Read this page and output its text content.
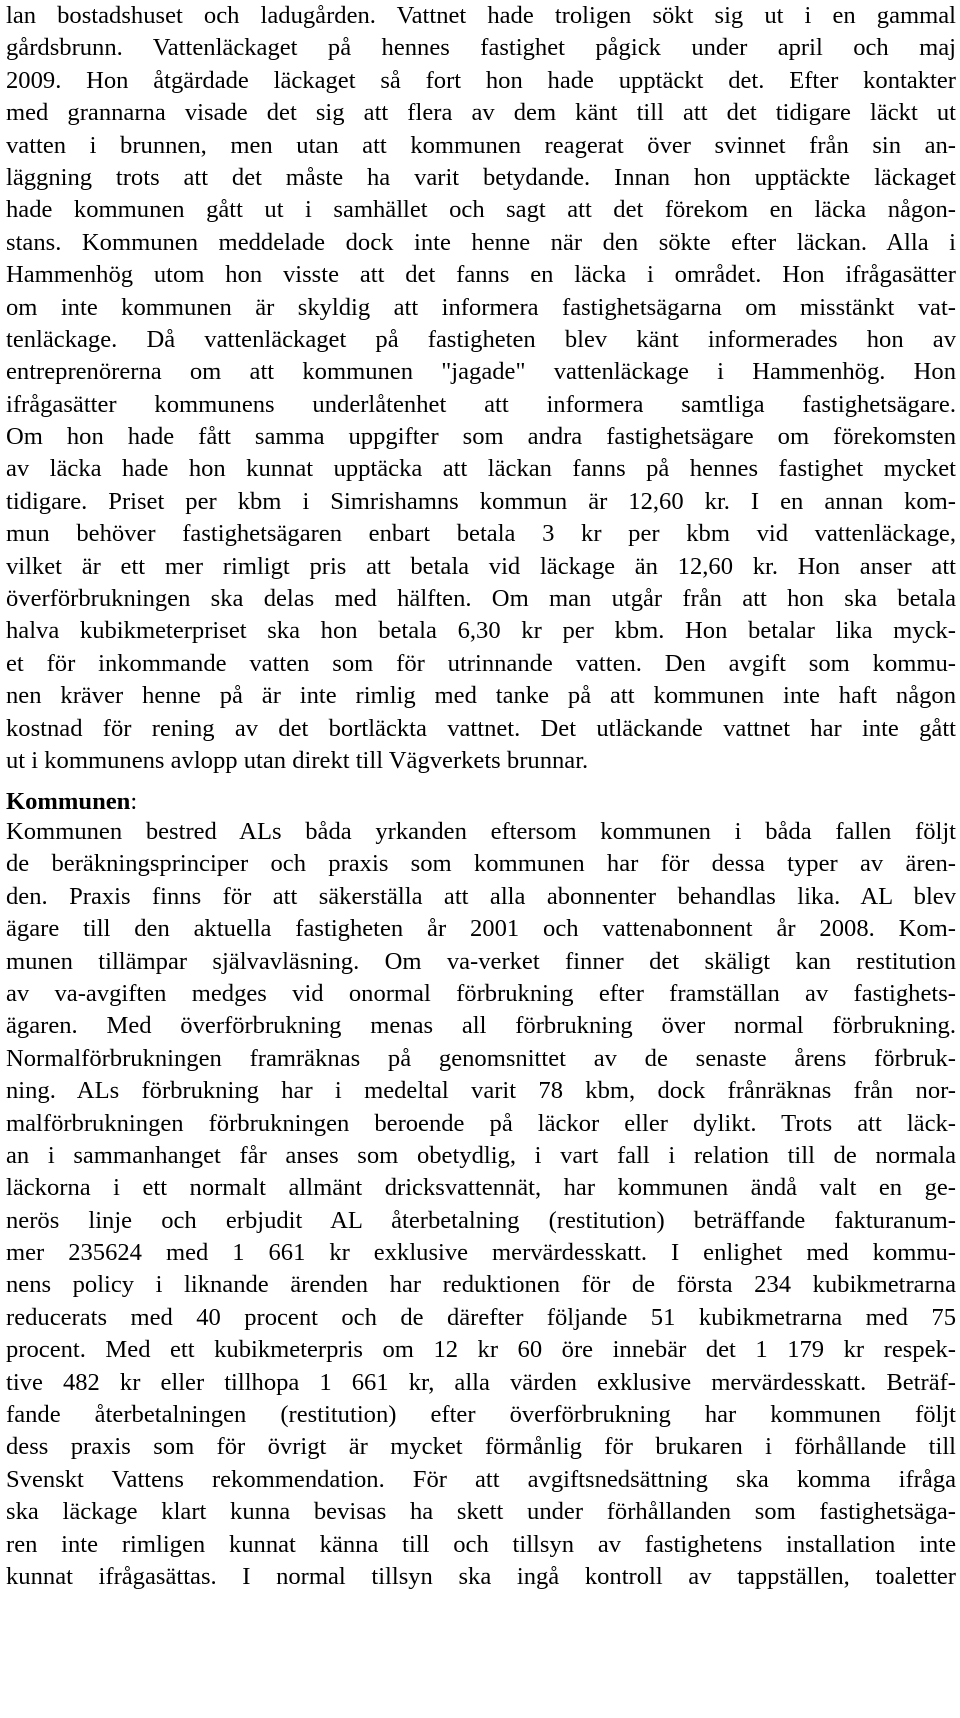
lan bostadshuset och ladugården. Vattnet hade troligen sökt sig ut i en gammal
gårdsbrunn. Vattenläckaget på hennes fastighet pågick under april och maj
2009. Hon åtgärdade läckaget så fort hon hade upptäckt det. Efter kontakter
med grannarna visade det sig att flera av dem känt till att det tidigare läckt ut
vatten i brunnen, men utan att kommunen reagerat över svinnet från sin an-
läggning trots att det måste ha varit betydande. Innan hon upptäckte läckaget
hade kommunen gått ut i samhället och sagt att det förekom en läcka någon-
stans. Kommunen meddelade dock inte henne när den sökte efter läckan. Alla i
Hammenhög utom hon visste att det fanns en läcka i området. Hon ifrågasätter
om inte kommunen är skyldig att informera fastighetsägarna om misstänkt vat-
tenläckage. Då vattenläckaget på fastigheten blev känt informerades hon av
entreprenörerna om att kommunen "jagade" vattenläckage i Hammenhög. Hon
ifrågasätter kommunens underlåtenhet att informera samtliga fastighetsägare.
Om hon hade fått samma uppgifter som andra fastighetsägare om förekomsten
av läcka hade hon kunnat upptäcka att läckan fanns på hennes fastighet mycket
tidigare. Priset per kbm i Simrishamns kommun är 12,60 kr. I en annan kom-
mun behöver fastighetsägaren enbart betala 3 kr per kbm vid vattenläckage,
vilket är ett mer rimligt pris att betala vid läckage än 12,60 kr. Hon anser att
överförbrukningen ska delas med hälften. Om man utgår från att hon ska betala
halva kubikmeterpriset ska hon betala 6,30 kr per kbm. Hon betalar lika myck-
et för inkommande vatten som för utrinnande vatten. Den avgift som kommu-
nen kräver henne på är inte rimlig med tanke på att kommunen inte haft någon
kostnad för rening av det bortläckta vattnet. Det utläckande vattnet har inte gått
ut i kommunens avlopp utan direkt till Vägverkets brunnar.
Kommunen:
Kommunen bestred ALs båda yrkanden eftersom kommunen i båda fallen följt
de beräkningsprinciper och praxis som kommunen har för dessa typer av ären-
den. Praxis finns för att säkerställa att alla abonnenter behandlas lika. AL blev
ägare till den aktuella fastigheten år 2001 och vattenabonnent år 2008. Kom-
munen tillämpar självavläsning. Om va-verket finner det skäligt kan restitution
av va-avgiften medges vid onormal förbrukning efter framställan av fastighets-
ägaren. Med överförbrukning menas all förbrukning över normal förbrukning.
Normalförbrukningen framräknas på genomsnittet av de senaste årens förbruk-
ning. ALs förbrukning har i medeltal varit 78 kbm, dock frånräknas från nor-
malförbrukningen förbrukningen beroende på läckor eller dylikt. Trots att läck-
an i sammanhanget får anses som obetydlig, i vart fall i relation till de normala
läckorna i ett normalt allmänt dricksvattennät, har kommunen ändå valt en ge-
nerös linje och erbjudit AL återbetalning (restitution) beträffande fakturanum-
mer 235624 med 1 661 kr exklusive mervärdesskatt. I enlighet med kommu-
nens policy i liknande ärenden har reduktionen för de första 234 kubikmetrarna
reducerats med 40 procent och de därefter följande 51 kubikmetrarna med 75
procent. Med ett kubikmeterpris om 12 kr 60 öre innebär det 1 179 kr respek-
tive 482 kr eller tillhopa 1 661 kr, alla värden exklusive mervärdesskatt. Beträf-
fande återbetalningen (restitution) efter överförbrukning har kommunen följt
dess praxis som för övrigt är mycket förmånlig för brukaren i förhållande till
Svenskt Vattens rekommendation. För att avgiftsnedsättning ska komma ifråga
ska läckage klart kunna bevisas ha skett under förhållanden som fastighetsäga-
ren inte rimligen kunnat känna till och tillsyn av fastighetens installation inte
kunnat ifrågasättas. I normal tillsyn ska ingå kontroll av tappställen, toaletter
